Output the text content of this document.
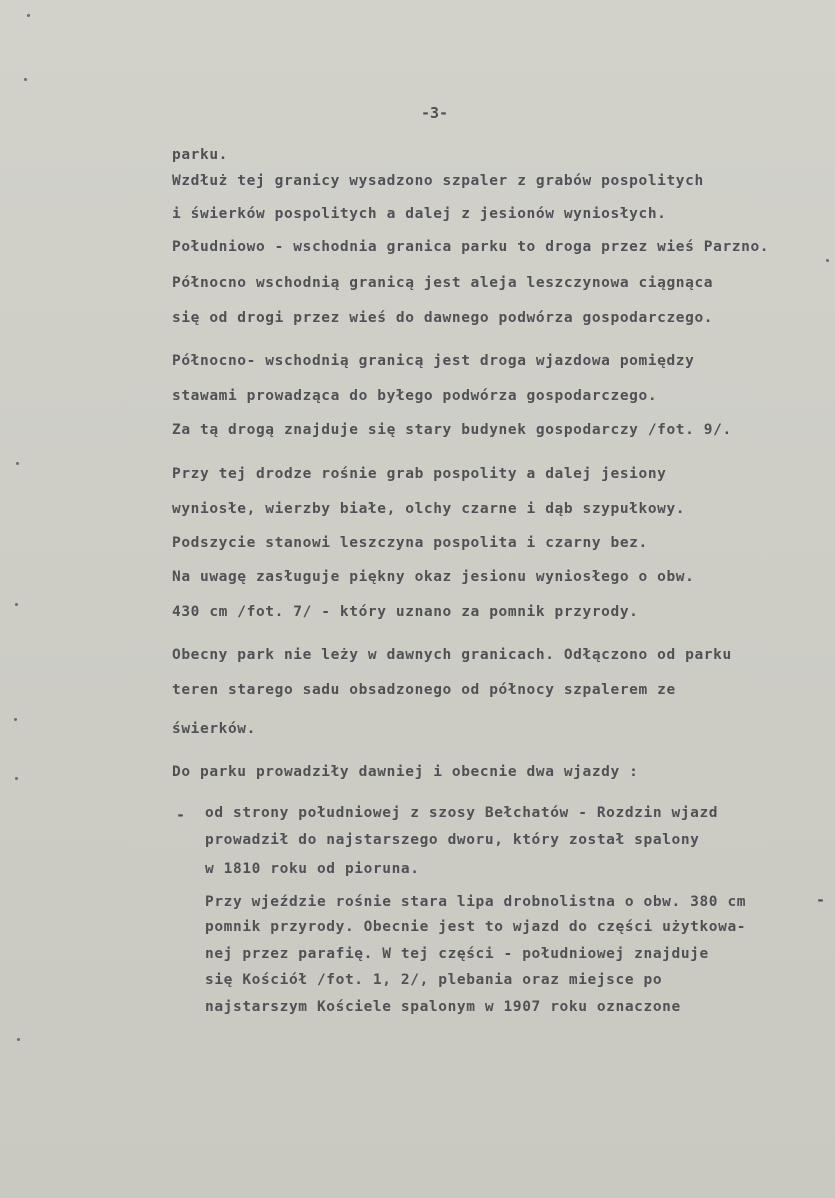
-3-
parku.
Wzdłuż tej granicy wysadzono szpaler z grabów pospolitych
i świerków pospolitych a dalej z jesionów wyniosłych.
Południowo - wschodnia granica parku to droga przez wieś Parzno.
Północno wschodnią granicą jest aleja leszczynowa ciągnąca
się od drogi przez wieś do dawnego podwórza gospodarczego.
Północno- wschodnią granicą jest droga wjazdowa pomiędzy
stawami prowadząca do byłego podwórza gospodarczego.
Za tą drogą znajduje się stary budynek gospodarczy /fot. 9/.
Przy tej drodze rośnie grab pospolity a dalej jesiony
wyniosłe, wierzby białe, olchy czarne i dąb szypułkowy.
Podszycie stanowi leszczyna pospolita i czarny bez.
Na uwagę zasługuje piękny okaz jesionu wyniosłego o obw.
430 cm /fot. 7/ - który uznano za pomnik przyrody.
Obecny park nie leży w dawnych granicach. Odłączono od parku
teren starego sadu obsadzonego od północy szpalerem ze
świerków.
Do parku prowadziły dawniej i obecnie dwa wjazdy :
- od strony południowej z szosy Bełchatów - Rozdzin wjazd
prowadził do najstarszego dworu, który został spalony
w 1810 roku od pioruna.
Przy wjeździe rośnie stara lipa drobnolistna o obw. 380 cm	-
pomnik przyrody. Obecnie jest to wjazd do części użytkowa-
nej przez parafię. W tej części - południowej znajduje
się Kościół /fot. 1, 2/, plebania oraz miejsce po
najstarszym Kościele spalonym w 1907 roku oznaczone
